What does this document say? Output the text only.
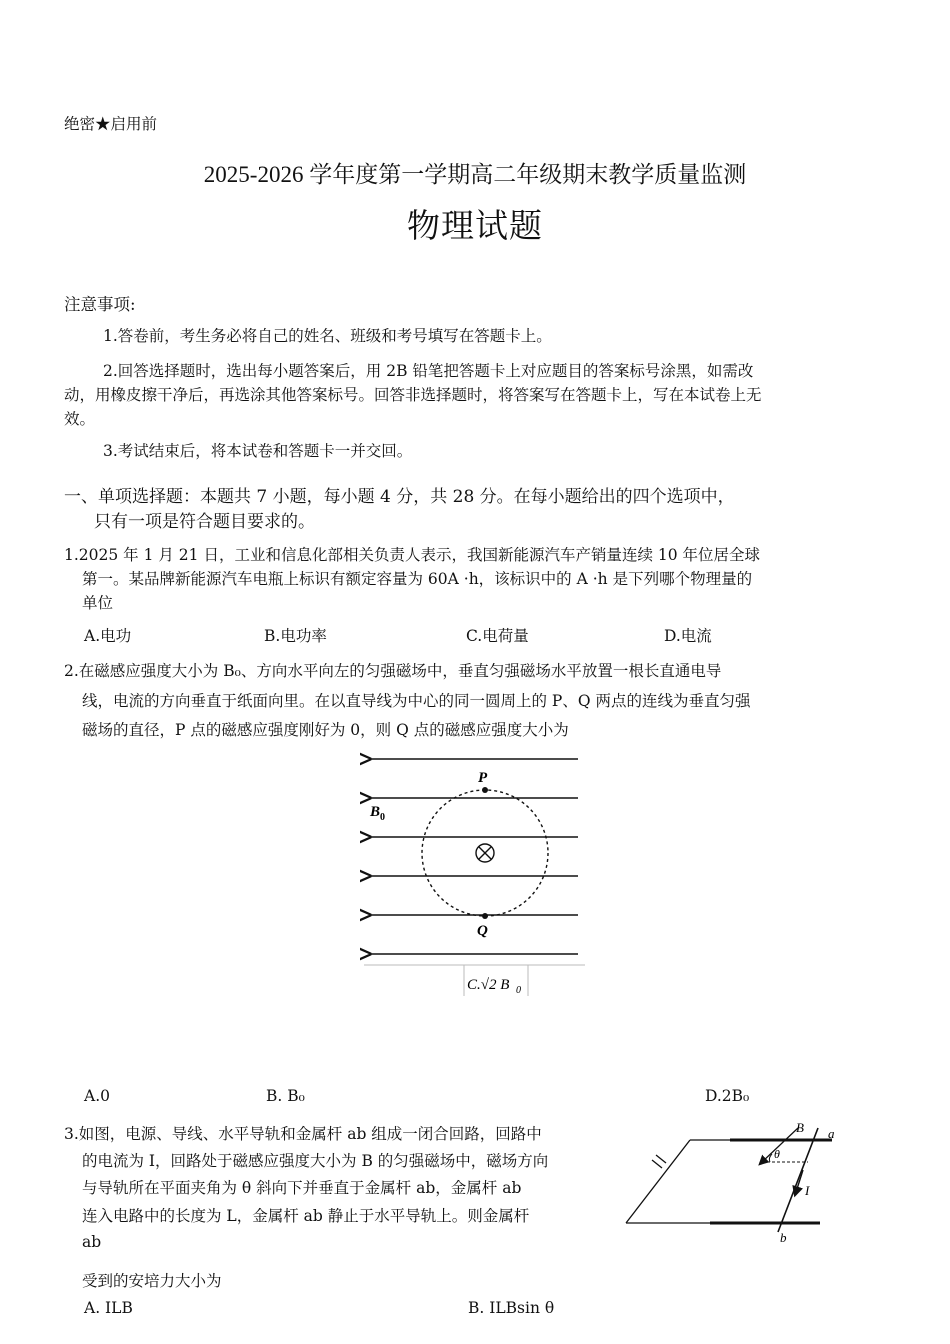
绝密★启用前
2025-2026 学年度第一学期高二年级期末教学质量监测
物理试题
注意事项:
1.答卷前，考生务必将自己的姓名、班级和考号填写在答题卡上。
2.回答选择题时，选出每小题答案后，用 2B 铅笔把答题卡上对应题目的答案标号涂黑，如需改
动，用橡皮擦干净后，再选涂其他答案标号。回答非选择题时，将答案写在答题卡上，写在本试卷上无
效。
3.考试结束后，将本试卷和答题卡一并交回。
一、单项选择题：本题共 7 小题，每小题 4 分，共 28 分。在每小题给出的四个选项中，
只有一项是符合题目要求的。
1.2025 年 1 月 21 日，工业和信息化部相关负责人表示，我国新能源汽车产销量连续 10 年位居全球
第一。某品牌新能源汽车电瓶上标识有额定容量为 60A ·h，该标识中的 A ·h 是下列哪个物理量的
单位
A.电功	B.电功率	C.电荷量	D.电流
2.在磁感应强度大小为 B₀、方向水平向左的匀强磁场中，垂直匀强磁场水平放置一根长直通电导
线，电流的方向垂直于纸面向里。在以直导线为中心的同一圆周上的 P、Q 两点的连线为垂直匀强
磁场的直径，P 点的磁感应强度刚好为 0，则 Q 点的磁感应强度大小为
P
Q
B 0
C.√2 B 0
A.0	B. B₀	D.2B₀
3.如图，电源、导线、水平导轨和金属杆 ab 组成一闭合回路，回路中
的电流为 I，回路处于磁感应强度大小为 B 的匀强磁场中，磁场方向
与导轨所在平面夹角为 θ 斜向下并垂直于金属杆 ab，金属杆 ab
连入电路中的长度为 L，金属杆 ab 静止于水平导轨上。则金属杆
ab
受到的安培力大小为
A. ILB	B. ILBsin θ
B a
b
θ
I
